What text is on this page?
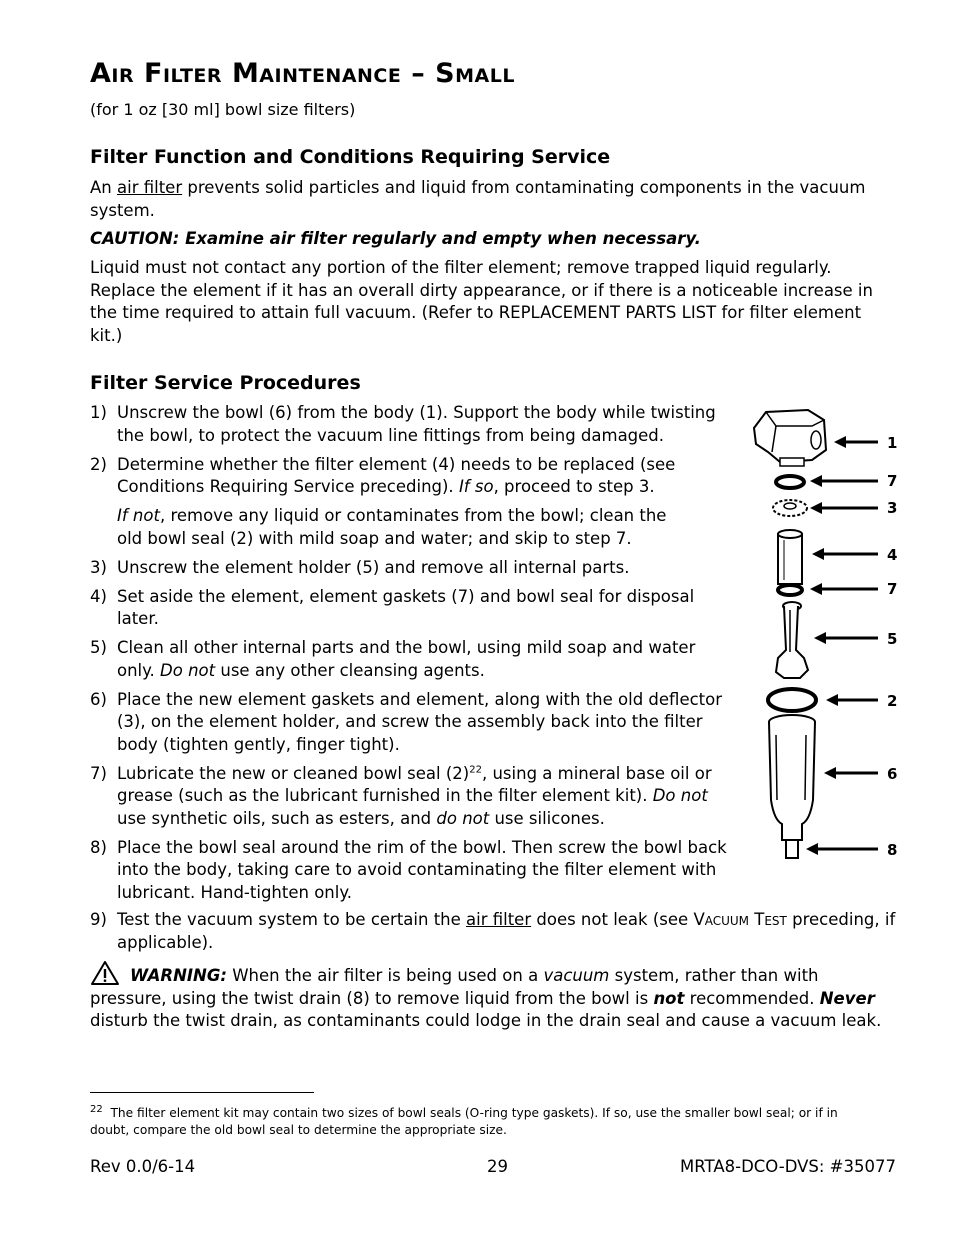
Air Filter Maintenance – Small
(for 1 oz [30 ml] bowl size filters)
Filter Function and Conditions Requiring Service
An air filter prevents solid particles and liquid from contaminating components in the vacuum system.
CAUTION: Examine air filter regularly and empty when necessary.
Liquid must not contact any portion of the filter element; remove trapped liquid regularly. Replace the element if it has an overall dirty appearance, or if there is a noticeable increase in the time required to attain full vacuum. (Refer to REPLACEMENT PARTS LIST for filter element kit.)
Filter Service Procedures
1) Unscrew the bowl (6) from the body (1). Support the body while twisting the bowl, to protect the vacuum line fittings from being damaged.
2) Determine whether the filter element (4) needs to be replaced (see Conditions Requiring Service preceding). If so, proceed to step 3.
If not, remove any liquid or contaminates from the bowl; clean the old bowl seal (2) with mild soap and water; and skip to step 7.
3) Unscrew the element holder (5) and remove all internal parts.
4) Set aside the element, element gaskets (7) and bowl seal for disposal later.
5) Clean all other internal parts and the bowl, using mild soap and water only. Do not use any other cleansing agents.
6) Place the new element gaskets and element, along with the old deflector (3), on the element holder, and screw the assembly back into the filter body (tighten gently, finger tight).
7) Lubricate the new or cleaned bowl seal $(2)^{22}$, using a mineral base oil or grease (such as the lubricant furnished in the filter element kit). Do not use synthetic oils, such as esters, and do not use silicones.
8) Place the bowl seal around the rim of the bowl. Then screw the bowl back into the body, taking care to avoid contaminating the filter element with lubricant. Hand-tighten only.
9) Test the vacuum system to be certain the air filter does not leak (see Vacuum Test preceding, if applicable).
WARNING: When the air filter is being used on a vacuum system, rather than with pressure, using the twist drain (8) to remove liquid from the bowl is not recommended. Never disturb the twist drain, as contaminants could lodge in the drain seal and cause a vacuum leak.
$^{22}$ The filter element kit may contain two sizes of bowl seals (O-ring type gaskets). If so, use the smaller bowl seal; or if in doubt, compare the old bowl seal to determine the appropriate size.
Rev 0.0/6-14	29	MRTA8-DCO-DVS: #35077
1
7
3
4
7
5
2
6
8
